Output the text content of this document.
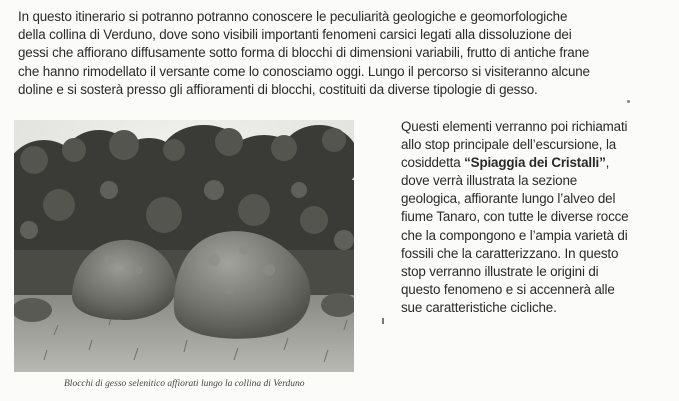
In questo itinerario si potranno potranno conoscere le peculiarità geologiche e geomorfologiche
della collina di Verduno, dove sono visibili importanti fenomeni carsici legati alla dissoluzione dei
gessi che affiorano diffusamente sotto forma di blocchi di dimensioni variabili, frutto di antiche frane
che hanno rimodellato il versante come lo conosciamo oggi. Lungo il percorso si visiteranno alcune
doline e si sosterà presso gli affioramenti di blocchi, costituiti da diverse tipologie di gesso.

Blocchi di gesso selenitico affiorati lungo la collina di Verduno
Questi elementi verranno poi richiamati
allo stop principale dell’escursione, la
cosiddetta “Spiaggia dei Cristalli”,
dove verrà illustrata la sezione
geologica, affiorante lungo l’alveo del
fiume Tanaro, con tutte le diverse rocce
che la compongono e l’ampia varietà di
fossili che la caratterizzano. In questo
stop verranno illustrate le origini di
questo fenomeno e si accennerà alle
sue caratteristiche cicliche.
